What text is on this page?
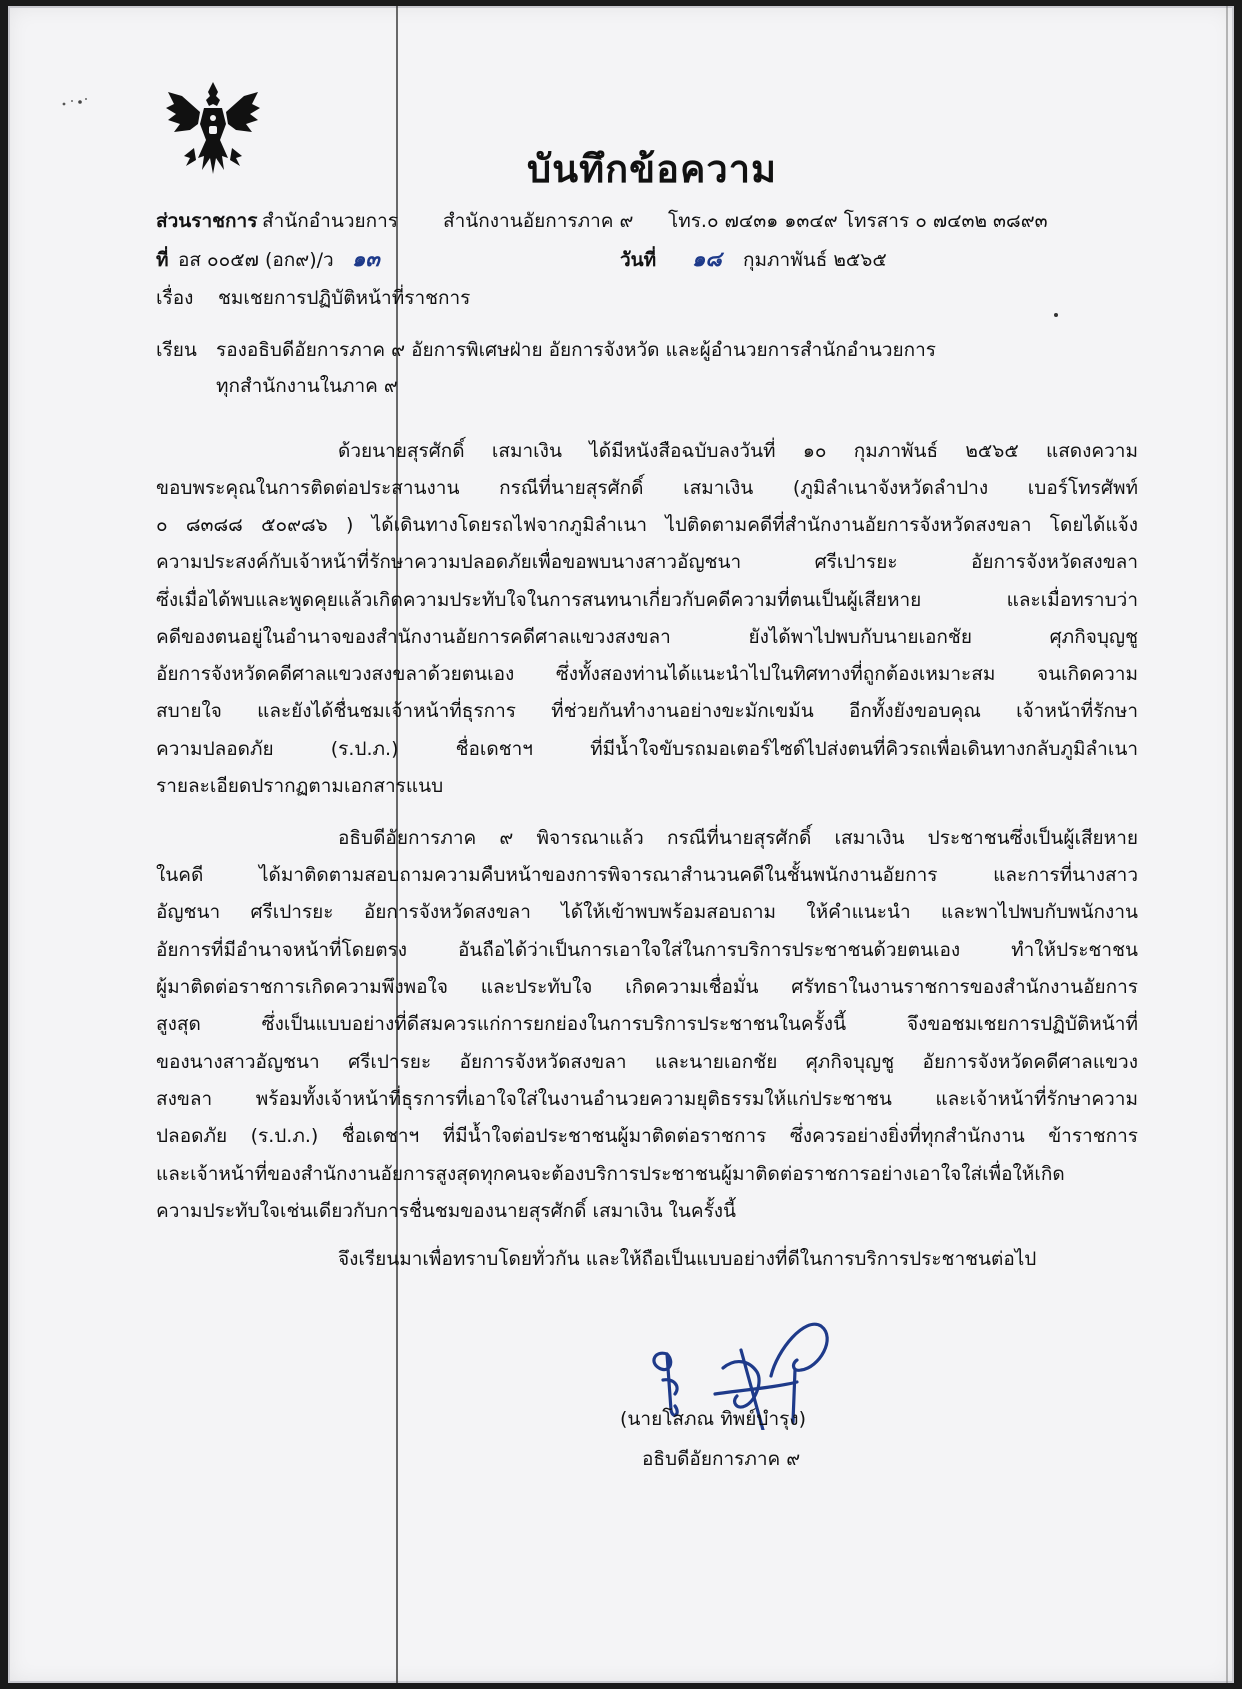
บันทึกข้อความ
ส่วนราชการ สำนักอำนวยการ สำนักงานอัยการภาค ๙ โทร.๐ ๗๔๓๑ ๑๓๔๙ โทรสาร ๐ ๗๔๓๒ ๓๘๙๓
ที่ อส ๐๐๕๗ (อก๙)/ว ๑๓	วันที่ ๑๘ กุมภาพันธ์ ๒๕๖๕
เรื่อง ชมเชยการปฏิบัติหน้าที่ราชการ
เรียน รองอธิบดีอัยการภาค ๙ อัยการพิเศษฝ่าย อัยการจังหวัด และผู้อำนวยการสำนักอำนวยการ
ทุกสำนักงานในภาค ๙
ด้วยนายสุรศักดิ์ เสมาเงิน ได้มีหนังสือฉบับลงวันที่ ๑๐ กุมภาพันธ์ ๒๕๖๕ แสดงความ
ขอบพระคุณในการติดต่อประสานงาน กรณีที่นายสุรศักดิ์ เสมาเงิน (ภูมิลำเนาจังหวัดลำปาง เบอร์โทรศัพท์
๐ ๘๓๘๘ ๕๐๙๘๖ ) ได้เดินทางโดยรถไฟจากภูมิลำเนา ไปติดตามคดีที่สำนักงานอัยการจังหวัดสงขลา โดยได้แจ้ง
ความประสงค์กับเจ้าหน้าที่รักษาความปลอดภัยเพื่อขอพบนางสาวอัญชนา ศรีเปารยะ อัยการจังหวัดสงขลา
ซึ่งเมื่อได้พบและพูดคุยแล้วเกิดความประทับใจในการสนทนาเกี่ยวกับคดีความที่ตนเป็นผู้เสียหาย และเมื่อทราบว่า
คดีของตนอยู่ในอำนาจของสำนักงานอัยการคดีศาลแขวงสงขลา ยังได้พาไปพบกับนายเอกชัย ศุภกิจบุญชู
อัยการจังหวัดคดีศาลแขวงสงขลาด้วยตนเอง ซึ่งทั้งสองท่านได้แนะนำไปในทิศทางที่ถูกต้องเหมาะสม จนเกิดความ
สบายใจ และยังได้ชื่นชมเจ้าหน้าที่ธุรการ ที่ช่วยกันทำงานอย่างขะมักเขม้น อีกทั้งยังขอบคุณ เจ้าหน้าที่รักษา
ความปลอดภัย (ร.ป.ภ.) ชื่อเดชาฯ ที่มีน้ำใจขับรถมอเตอร์ไซด์ไปส่งตนที่คิวรถเพื่อเดินทางกลับภูมิลำเนา
รายละเอียดปรากฏตามเอกสารแนบ
อธิบดีอัยการภาค ๙ พิจารณาแล้ว กรณีที่นายสุรศักดิ์ เสมาเงิน ประชาชนซึ่งเป็นผู้เสียหาย
ในคดี ได้มาติดตามสอบถามความคืบหน้าของการพิจารณาสำนวนคดีในชั้นพนักงานอัยการ และการที่นางสาว
อัญชนา ศรีเปารยะ อัยการจังหวัดสงขลา ได้ให้เข้าพบพร้อมสอบถาม ให้คำแนะนำ และพาไปพบกับพนักงาน
อัยการที่มีอำนาจหน้าที่โดยตรง อันถือได้ว่าเป็นการเอาใจใส่ในการบริการประชาชนด้วยตนเอง ทำให้ประชาชน
ผู้มาติดต่อราชการเกิดความพึงพอใจ และประทับใจ เกิดความเชื่อมั่น ศรัทธาในงานราชการของสำนักงานอัยการ
สูงสุด ซึ่งเป็นแบบอย่างที่ดีสมควรแก่การยกย่องในการบริการประชาชนในครั้งนี้ จึงขอชมเชยการปฏิบัติหน้าที่
ของนางสาวอัญชนา ศรีเปารยะ อัยการจังหวัดสงขลา และนายเอกชัย ศุภกิจบุญชู อัยการจังหวัดคดีศาลแขวง
สงขลา พร้อมทั้งเจ้าหน้าที่ธุรการที่เอาใจใส่ในงานอำนวยความยุติธรรมให้แก่ประชาชน และเจ้าหน้าที่รักษาความ
ปลอดภัย (ร.ป.ภ.) ชื่อเดชาฯ ที่มีน้ำใจต่อประชาชนผู้มาติดต่อราชการ ซึ่งควรอย่างยิ่งที่ทุกสำนักงาน ข้าราชการ
และเจ้าหน้าที่ของสำนักงานอัยการสูงสุดทุกคนจะต้องบริการประชาชนผู้มาติดต่อราชการอย่างเอาใจใส่เพื่อให้เกิด
ความประทับใจเช่นเดียวกับการชื่นชมของนายสุรศักดิ์ เสมาเงิน ในครั้งนี้
จึงเรียนมาเพื่อทราบโดยทั่วกัน และให้ถือเป็นแบบอย่างที่ดีในการบริการประชาชนต่อไป
(นายโสภณ ทิพย์บำรุง)
อธิบดีอัยการภาค ๙
